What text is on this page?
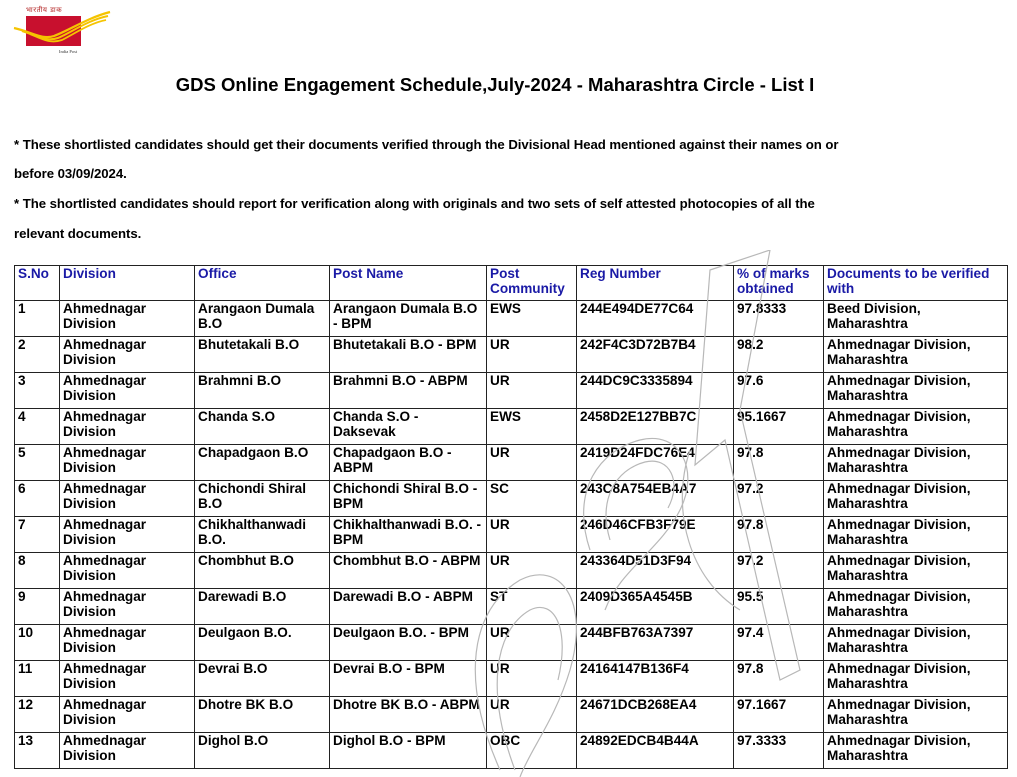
भारतीय डाक
India Post
GDS Online Engagement Schedule,July-2024 - Maharashtra Circle - List I
* These shortlisted candidates should get their documents verified through the Divisional Head mentioned against their names on or
before 03/09/2024.
* The shortlisted candidates should report for verification along with originals and two sets of self attested photocopies of all the
relevant documents.
S.No	Division	Office	Post Name	Post Community	Reg Number	% of marks obtained	Documents to be verified with
1	Ahmednagar Division	Arangaon Dumala B.O	Arangaon Dumala B.O - BPM	EWS	244E494DE77C64	97.8333	Beed Division, Maharashtra
2	Ahmednagar Division	Bhutetakali B.O	Bhutetakali B.O - BPM	UR	242F4C3D72B7B4	98.2	Ahmednagar Division, Maharashtra
3	Ahmednagar Division	Brahmni B.O	Brahmni B.O - ABPM	UR	244DC9C3335894	97.6	Ahmednagar Division, Maharashtra
4	Ahmednagar Division	Chanda S.O	Chanda S.O - Daksevak	EWS	2458D2E127BB7C	95.1667	Ahmednagar Division, Maharashtra
5	Ahmednagar Division	Chapadgaon B.O	Chapadgaon B.O - ABPM	UR	2419D24FDC76E4	97.8	Ahmednagar Division, Maharashtra
6	Ahmednagar Division	Chichondi Shiral B.O	Chichondi Shiral B.O - BPM	SC	243C8A754EB4A7	97.2	Ahmednagar Division, Maharashtra
7	Ahmednagar Division	Chikhalthanwadi B.O.	Chikhalthanwadi B.O. - BPM	UR	246D46CFB3F79E	97.8	Ahmednagar Division, Maharashtra
8	Ahmednagar Division	Chombhut B.O	Chombhut B.O - ABPM	UR	243364D51D3F94	97.2	Ahmednagar Division, Maharashtra
9	Ahmednagar Division	Darewadi B.O	Darewadi B.O - ABPM	ST	2409D365A4545B	95.5	Ahmednagar Division, Maharashtra
10	Ahmednagar Division	Deulgaon B.O.	Deulgaon B.O. - BPM	UR	244BFB763A7397	97.4	Ahmednagar Division, Maharashtra
11	Ahmednagar Division	Devrai B.O	Devrai B.O - BPM	UR	24164147B136F4	97.8	Ahmednagar Division, Maharashtra
12	Ahmednagar Division	Dhotre BK B.O	Dhotre BK B.O - ABPM	UR	24671DCB268EA4	97.1667	Ahmednagar Division, Maharashtra
13	Ahmednagar Division	Dighol B.O	Dighol B.O - BPM	OBC	24892EDCB4B44A	97.3333	Ahmednagar Division, Maharashtra
